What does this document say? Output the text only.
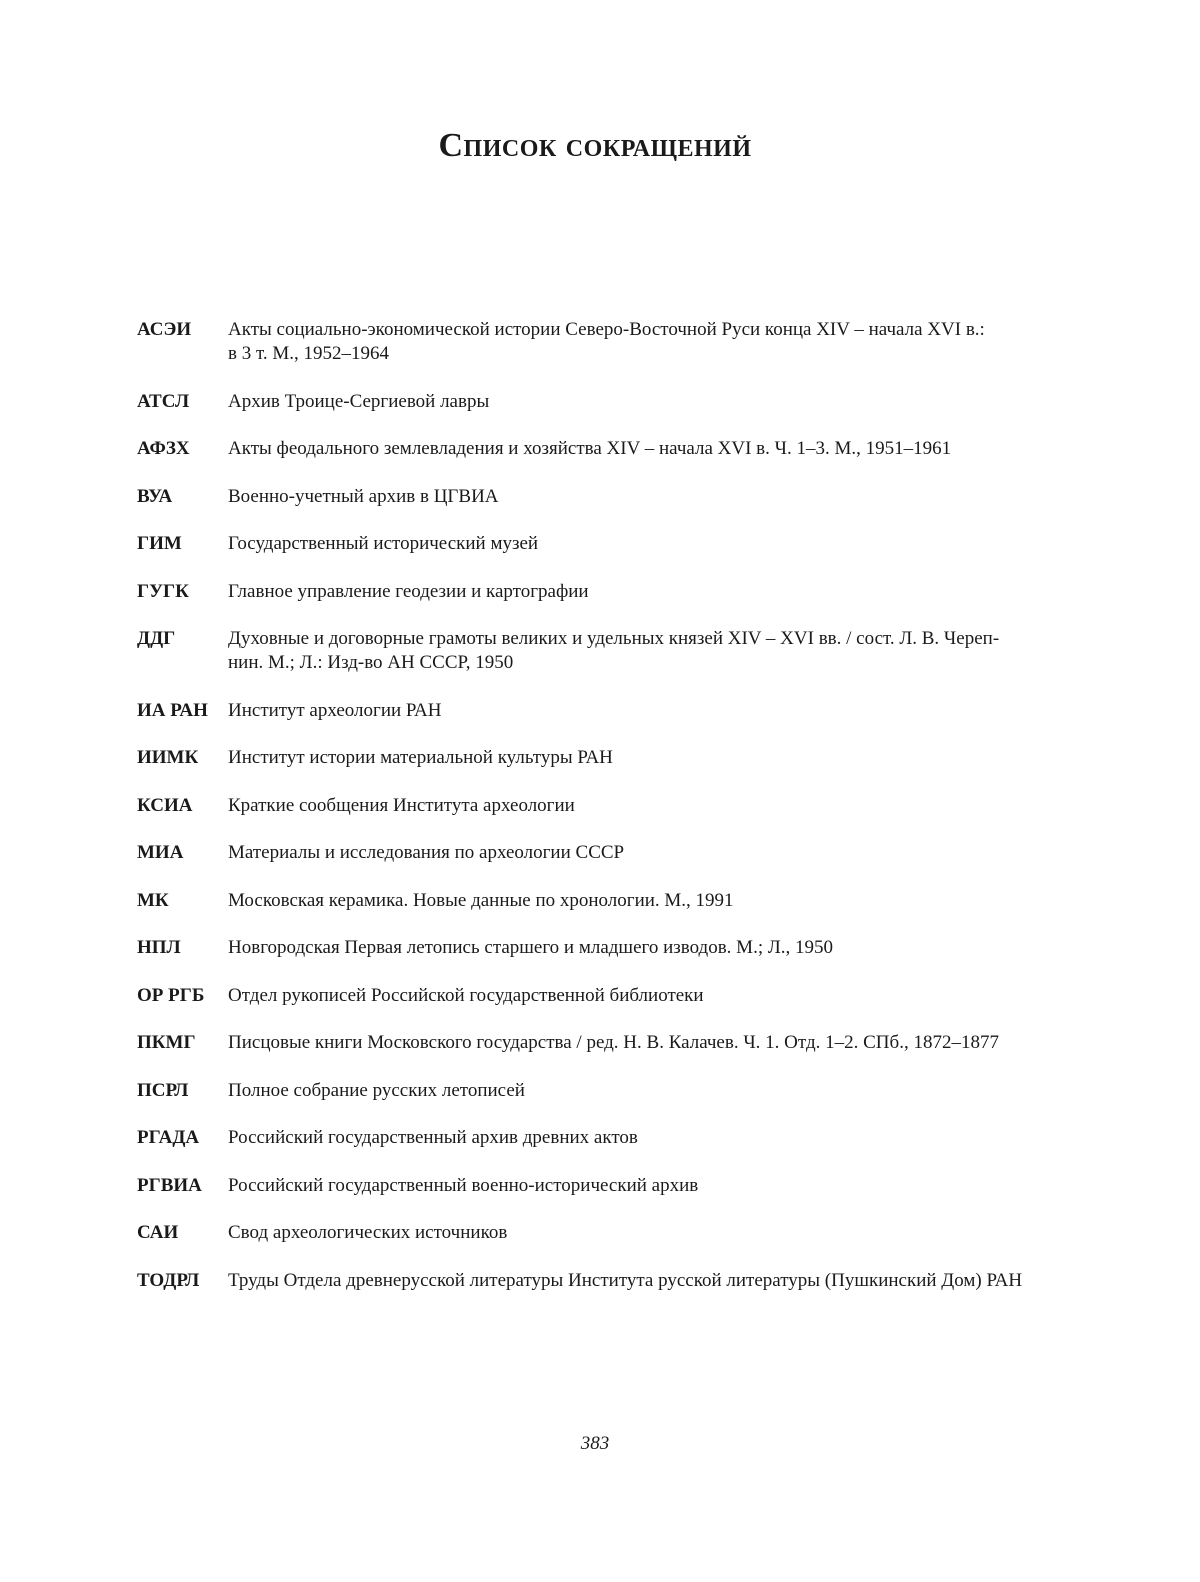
Список сокращений
АСЭИ	Акты социально-экономической истории Северо-Восточной Руси конца XIV – начала XVI в.:
в 3 т. М., 1952–1964
АТСЛ	Архив Троице-Сергиевой лавры
АФЗХ	Акты феодального землевладения и хозяйства XIV – начала XVI в. Ч. 1–3. М., 1951–1961
ВУА	Военно-учетный архив в ЦГВИА
ГИМ	Государственный исторический музей
ГУГК	Главное управление геодезии и картографии
ДДГ	Духовные и договорные грамоты великих и удельных князей XIV – XVI вв. / сост. Л. В. Череп-
нин. М.; Л.: Изд-во АН СССР, 1950
ИА РАН	Институт археологии РАН
ИИМК	Институт истории материальной культуры РАН
КСИА	Краткие сообщения Института археологии
МИА	Материалы и исследования по археологии СССР
МК	Московская керамика. Новые данные по хронологии. М., 1991
НПЛ	Новгородская Первая летопись старшего и младшего изводов. М.; Л., 1950
ОР РГБ	Отдел рукописей Российской государственной библиотеки
ПКМГ	Писцовые книги Московского государства / ред. Н. В. Калачев. Ч. 1. Отд. 1–2. СПб., 1872–1877
ПСРЛ	Полное собрание русских летописей
РГАДА	Российский государственный архив древних актов
РГВИА	Российский государственный военно-исторический архив
САИ	Свод археологических источников
ТОДРЛ	Труды Отдела древнерусской литературы Института русской литературы (Пушкинский Дом) РАН
383
